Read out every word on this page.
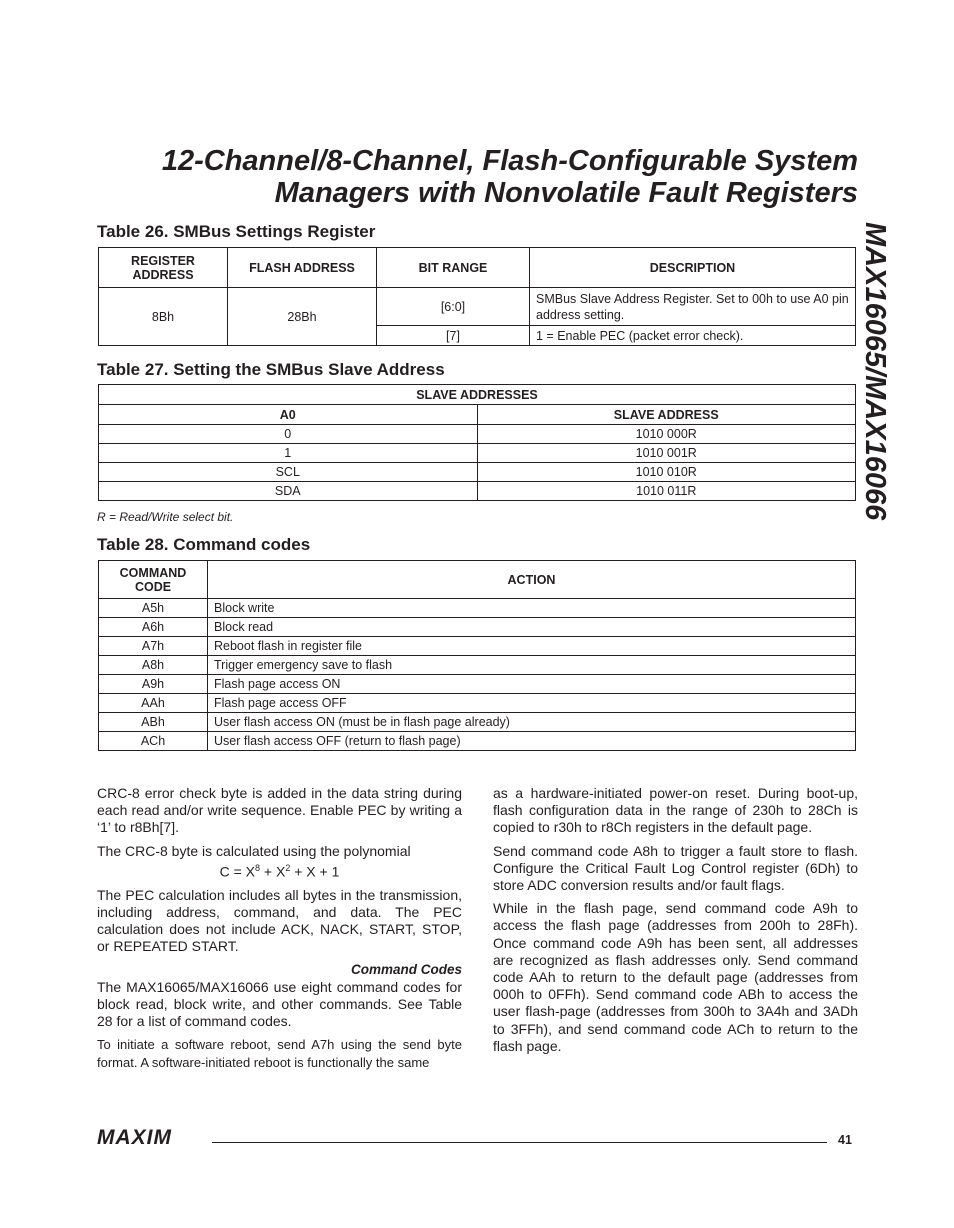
12-Channel/8-Channel, Flash-Configurable System
Managers with Nonvolatile Fault Registers
MAX16065/MAX16066
Table 26. SMBus Settings Register
REGISTER ADDRESS	FLASH ADDRESS	BIT RANGE	DESCRIPTION
8Bh	28Bh	[6:0]	SMBus Slave Address Register. Set to 00h to use A0 pin address setting.
		[7]	1 = Enable PEC (packet error check).
Table 27. Setting the SMBus Slave Address
SLAVE ADDRESSES	
A0	SLAVE ADDRESS
0	1010 000R
1	1010 001R
SCL	1010 010R
SDA	1010 011R
R = Read/Write select bit.
Table 28. Command codes
COMMAND CODE	ACTION
A5h	Block write
A6h	Block read
A7h	Reboot flash in register file
A8h	Trigger emergency save to flash
A9h	Flash page access ON
AAh	Flash page access OFF
ABh	User flash access ON (must be in flash page already)
ACh	User flash access OFF (return to flash page)

CRC-8 error check byte is added in the data string during each read and/or write sequence. Enable PEC by writing a ‘1’ to r8Bh[7].

The CRC-8 byte is calculated using the polynomial

$C = X^8 + X^2 + X + 1$

The PEC calculation includes all bytes in the transmission, including address, command, and data. The PEC calculation does not include ACK, NACK, START, STOP, or REPEATED START.

Command Codes

The MAX16065/MAX16066 use eight command codes for block read, block write, and other commands. See Table 28 for a list of command codes.

To initiate a software reboot, send A7h using the send byte format. A software-initiated reboot is functionally the same

as a hardware-initiated power-on reset. During boot-up, flash configuration data in the range of 230h to 28Ch is copied to r30h to r8Ch registers in the default page.

Send command code A8h to trigger a fault store to flash. Configure the Critical Fault Log Control register (6Dh) to store ADC conversion results and/or fault flags.

While in the flash page, send command code A9h to access the flash page (addresses from 200h to 28Fh). Once command code A9h has been sent, all addresses are recognized as flash addresses only. Send command code AAh to return to the default page (addresses from 000h to 0FFh). Send command code ABh to access the user flash-page (addresses from 300h to 3A4h and 3ADh to 3FFh), and send command code ACh to return to the flash page.

MAXIM	41
